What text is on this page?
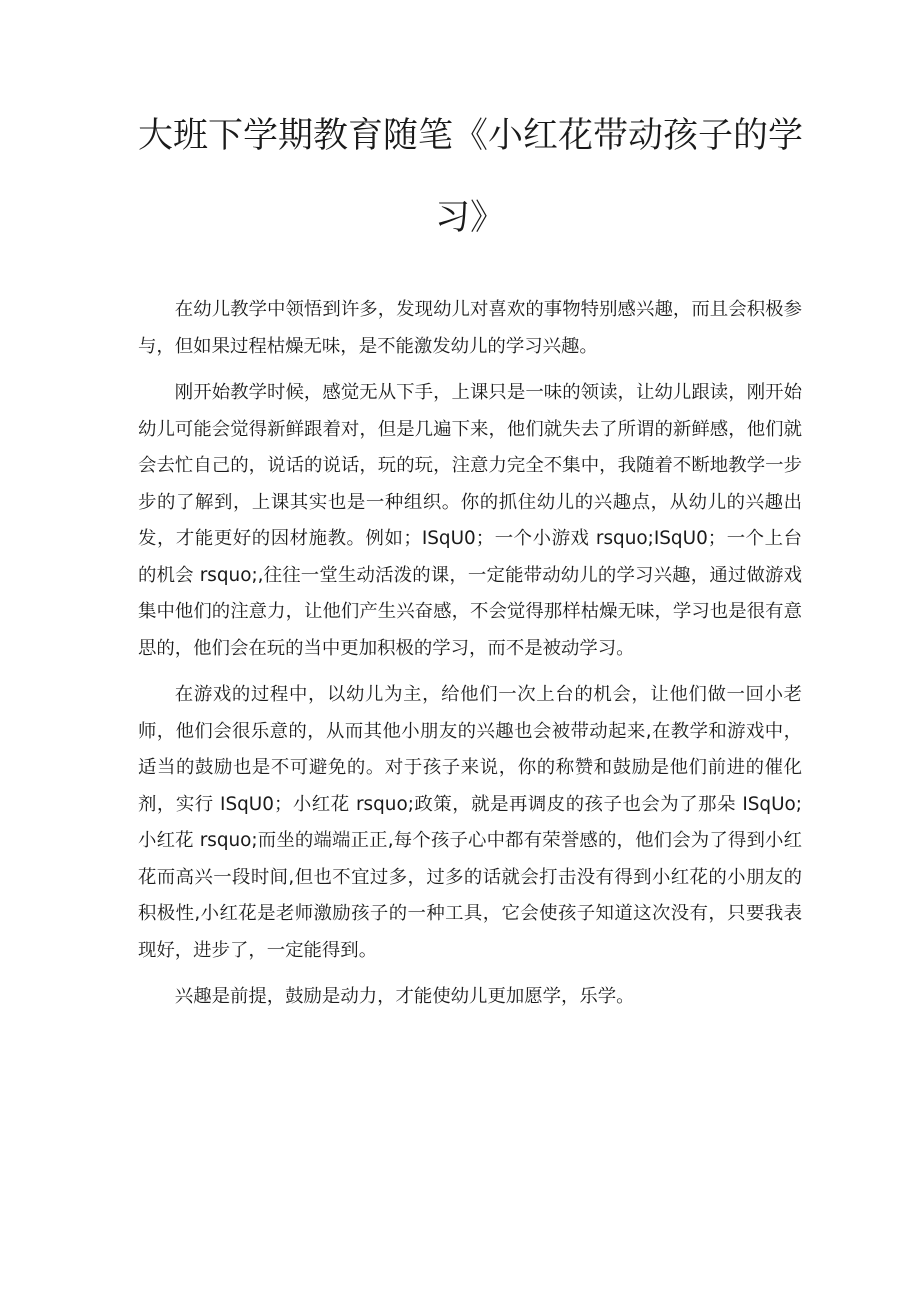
大班下学期教育随笔《小红花带动孩子的学
习》

在幼儿教学中领悟到许多，发现幼儿对喜欢的事物特别感兴趣，而且会积极参与，但如果过程枯燥无味，是不能激发幼儿的学习兴趣。

刚开始教学时候，感觉无从下手，上课只是一味的领读，让幼儿跟读，刚开始幼儿可能会觉得新鲜跟着对，但是几遍下来，他们就失去了所谓的新鲜感，他们就会去忙自己的，说话的说话，玩的玩，注意力完全不集中，我随着不断地教学一步步的了解到，上课其实也是一种组织。你的抓住幼儿的兴趣点，从幼儿的兴趣出发，才能更好的因材施教。例如；ISqU0；一个小游戏 rsquo;ISqU0；一个上台的机会 rsquo;,往往一堂生动活泼的课，一定能带动幼儿的学习兴趣，通过做游戏集中他们的注意力，让他们产生兴奋感，不会觉得那样枯燥无味，学习也是很有意思的，他们会在玩的当中更加积极的学习，而不是被动学习。

在游戏的过程中，以幼儿为主，给他们一次上台的机会，让他们做一回小老师，他们会很乐意的，从而其他小朋友的兴趣也会被带动起来,在教学和游戏中，适当的鼓励也是不可避免的。对于孩子来说，你的称赞和鼓励是他们前进的催化剂，实行 ISqU0；小红花 rsquo;政策，就是再调皮的孩子也会为了那朵 ISqUo;小红花 rsquo;而坐的端端正正,每个孩子心中都有荣誉感的，他们会为了得到小红花而高兴一段时间,但也不宜过多，过多的话就会打击没有得到小红花的小朋友的积极性,小红花是老师激励孩子的一种工具，它会使孩子知道这次没有，只要我表现好，进步了，一定能得到。

兴趣是前提，鼓励是动力，才能使幼儿更加愿学，乐学。
